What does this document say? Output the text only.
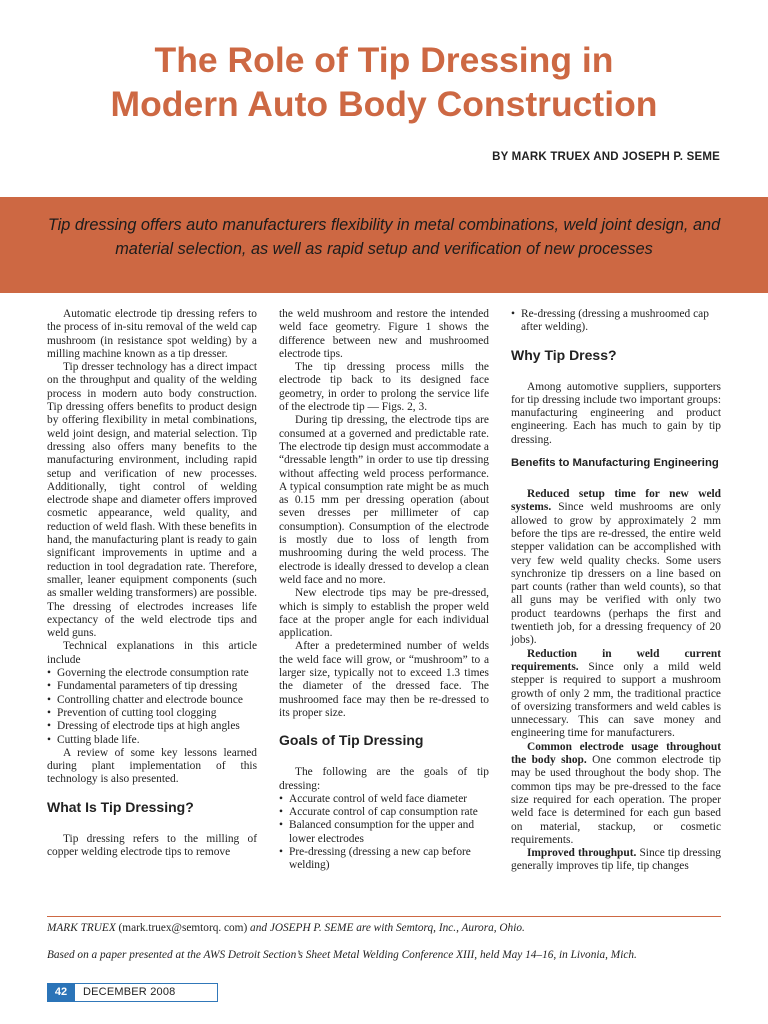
The Role of Tip Dressing in
Modern Auto Body Construction
BY MARK TRUEX AND JOSEPH P. SEME
Tip dressing offers auto manufacturers flexibility in metal combinations, weld joint design, and material selection, as well as rapid setup and verification of new processes

Automatic electrode tip dressing refers to the process of in-situ removal of the weld cap mushroom (in resistance spot welding) by a milling machine known as a tip dresser.

Tip dresser technology has a direct impact on the throughput and quality of the welding process in modern auto body construction. Tip dressing offers benefits to product design by offering flexibility in metal combinations, weld joint design, and material selection. Tip dressing also offers many benefits to the manufacturing environment, including rapid setup and verification of new processes. Additionally, tight control of welding electrode shape and diameter offers improved cosmetic appearance, weld quality, and reduction of weld flash. With these benefits in hand, the manufacturing plant is ready to gain significant improvements in uptime and a reduction in tool degradation rate. Therefore, smaller, leaner equipment components (such as smaller welding transformers) are possible. The dressing of electrodes increases life expectancy of the weld electrode tips and weld guns.

Technical explanations in this article include

• Governing the electrode consumption rate
• Fundamental parameters of tip dressing
• Controlling chatter and electrode bounce
• Prevention of cutting tool clogging
• Dressing of electrode tips at high angles
• Cutting blade life.

A review of some key lessons learned during plant implementation of this technology is also presented.

What Is Tip Dressing?

Tip dressing refers to the milling of copper welding electrode tips to remove

the weld mushroom and restore the intended weld face geometry. Figure 1 shows the difference between new and mushroomed electrode tips.

The tip dressing process mills the electrode tip back to its designed face geometry, in order to prolong the service life of the electrode tip — Figs. 2, 3.

During tip dressing, the electrode tips are consumed at a governed and predictable rate. The electrode tip design must accommodate a “dressable length” in order to use tip dressing without affecting weld process performance. A typical consumption rate might be as much as 0.15 mm per dressing operation (about seven dresses per millimeter of cap consumption). Consumption of the electrode is mostly due to loss of length from mushrooming during the weld process. The electrode is ideally dressed to develop a clean weld face and no more.

New electrode tips may be pre-dressed, which is simply to establish the proper weld face at the proper angle for each individual application.

After a predetermined number of welds the weld face will grow, or “mushroom” to a larger size, typically not to exceed 1.3 times the diameter of the dressed face. The mushroomed face may then be re-dressed to its proper size.

Goals of Tip Dressing

The following are the goals of tip dressing:

• Accurate control of weld face diameter
• Accurate control of cap consumption rate
• Balanced consumption for the upper and lower electrodes
• Pre-dressing (dressing a new cap before welding)
• Re-dressing (dressing a mushroomed cap after welding).
Why Tip Dress?

Among automotive suppliers, supporters for tip dressing include two important groups: manufacturing engineering and product engineering. Each has much to gain by tip dressing.

Benefits to Manufacturing Engineering

Reduced setup time for new weld systems. Since weld mushrooms are only allowed to grow by approximately 2 mm before the tips are re-dressed, the entire weld stepper validation can be accomplished with very few weld quality checks. Some users synchronize tip dressers on a line based on part counts (rather than weld counts), so that all guns may be verified with only two product teardowns (perhaps the first and twentieth job, for a dressing frequency of 20 jobs).

Reduction in weld current requirements. Since only a mild weld stepper is required to support a mushroom growth of only 2 mm, the traditional practice of oversizing transformers and weld cables is unnecessary. This can save money and engineering time for manufacturers.

Common electrode usage throughout the body shop. One common electrode tip may be used throughout the body shop. The common tips may be pre-dressed to the face size required for each operation. The proper weld face is determined for each gun based on material, stackup, or cosmetic requirements.

Improved throughput. Since tip dressing generally improves tip life, tip changes

MARK TRUEX (mark.truex@semtorq. com) and JOSEPH P. SEME are with Semtorq, Inc., Aurora, Ohio.
Based on a paper presented at the AWS Detroit Section’s Sheet Metal Welding Conference XIII, held May 14–16, in Livonia, Mich.
42	DECEMBER 2008
